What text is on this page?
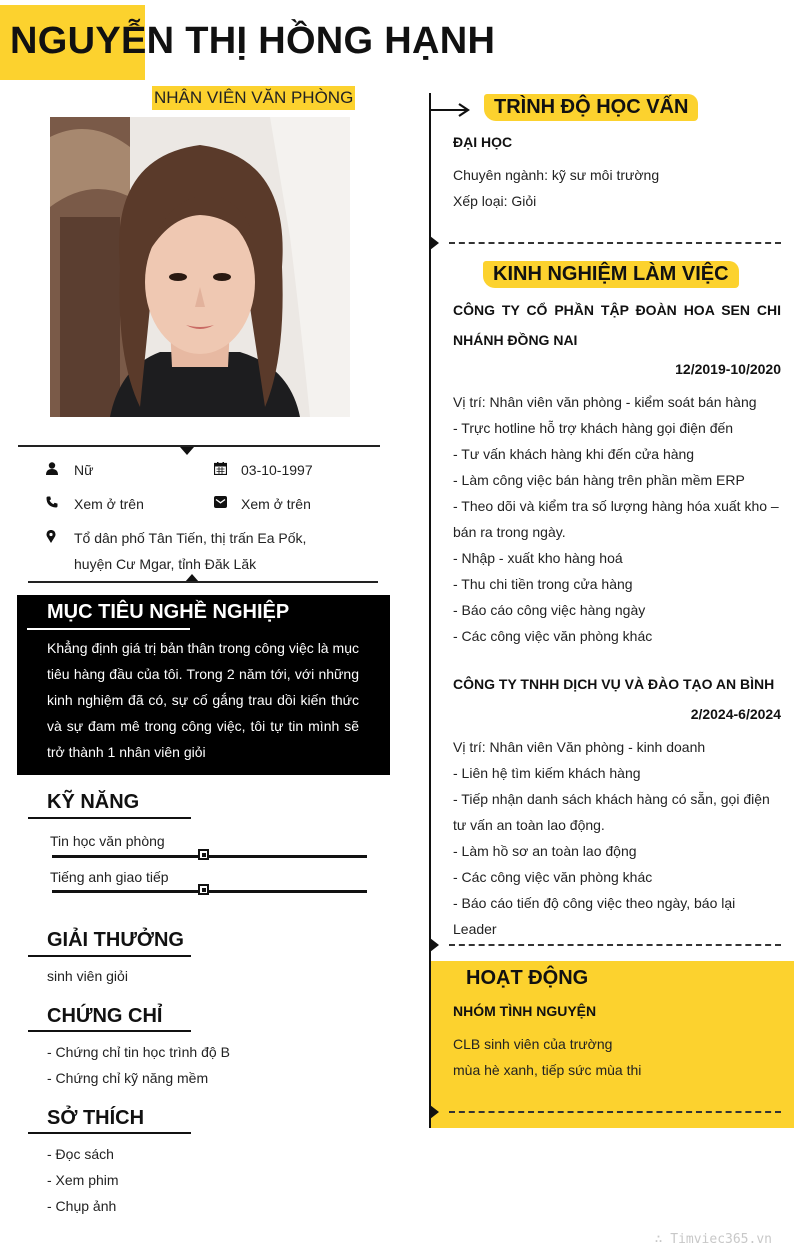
NGUYỄN THỊ HỒNG HẠNH
NHÂN VIÊN VĂN PHÒNG
Nữ	03-10-1997
Xem ở trên	Xem ở trên
Tổ dân phố Tân Tiến, thị trấn Ea Pốk,
huyện Cư Mgar, tỉnh Đăk Lăk
MỤC TIÊU NGHỀ NGHIỆP
Khẳng định giá trị bản thân trong công việc là mục tiêu hàng đầu của tôi. Trong 2 năm tới, với những kinh nghiệm đã có, sự cố gắng trau dồi kiến thức và sự đam mê trong công việc, tôi tự tin mình sẽ trở thành 1 nhân viên giỏi
KỸ NĂNG
Tin học văn phòng
Tiếng anh giao tiếp
GIẢI THƯỞNG
sinh viên giỏi
CHỨNG CHỈ
- Chứng chỉ tin học trình độ B
- Chứng chỉ kỹ năng mềm
SỞ THÍCH
- Đọc sách
- Xem phim
- Chụp ảnh
TRÌNH ĐỘ HỌC VẤN
ĐẠI HỌC
Chuyên ngành: kỹ sư môi trường
Xếp loại: Giỏi
KINH NGHIỆM LÀM VIỆC
CÔNG TY CỔ PHẦN TẬP ĐOÀN HOA SEN CHI NHÁNH ĐỒNG NAI
12/2019-10/2020
Vị trí: Nhân viên văn phòng - kiểm soát bán hàng
- Trực hotline hỗ trợ khách hàng gọi điện đến
- Tư vấn khách hàng khi đến cửa hàng
- Làm công việc bán hàng trên phần mềm ERP
- Theo dõi và kiểm tra số lượng hàng hóa xuất kho – bán ra trong ngày.
- Nhập - xuất kho hàng hoá
- Thu chi tiền trong cửa hàng
- Báo cáo công việc hàng ngày
- Các công việc văn phòng khác
CÔNG TY TNHH DỊCH VỤ VÀ ĐÀO TẠO AN BÌNH
2/2024-6/2024
Vị trí: Nhân viên Văn phòng - kinh doanh
- Liên hệ tìm kiếm khách hàng
- Tiếp nhận danh sách khách hàng có sẵn, gọi điện tư vấn an toàn lao động.
- Làm hồ sơ an toàn lao động
- Các công việc văn phòng khác
- Báo cáo tiến độ công việc theo ngày, báo lại Leader
HOẠT ĐỘNG
NHÓM TÌNH NGUYỆN
CLB sinh viên của trường
mùa hè xanh, tiếp sức mùa thi
∴ Timviec365.vn
